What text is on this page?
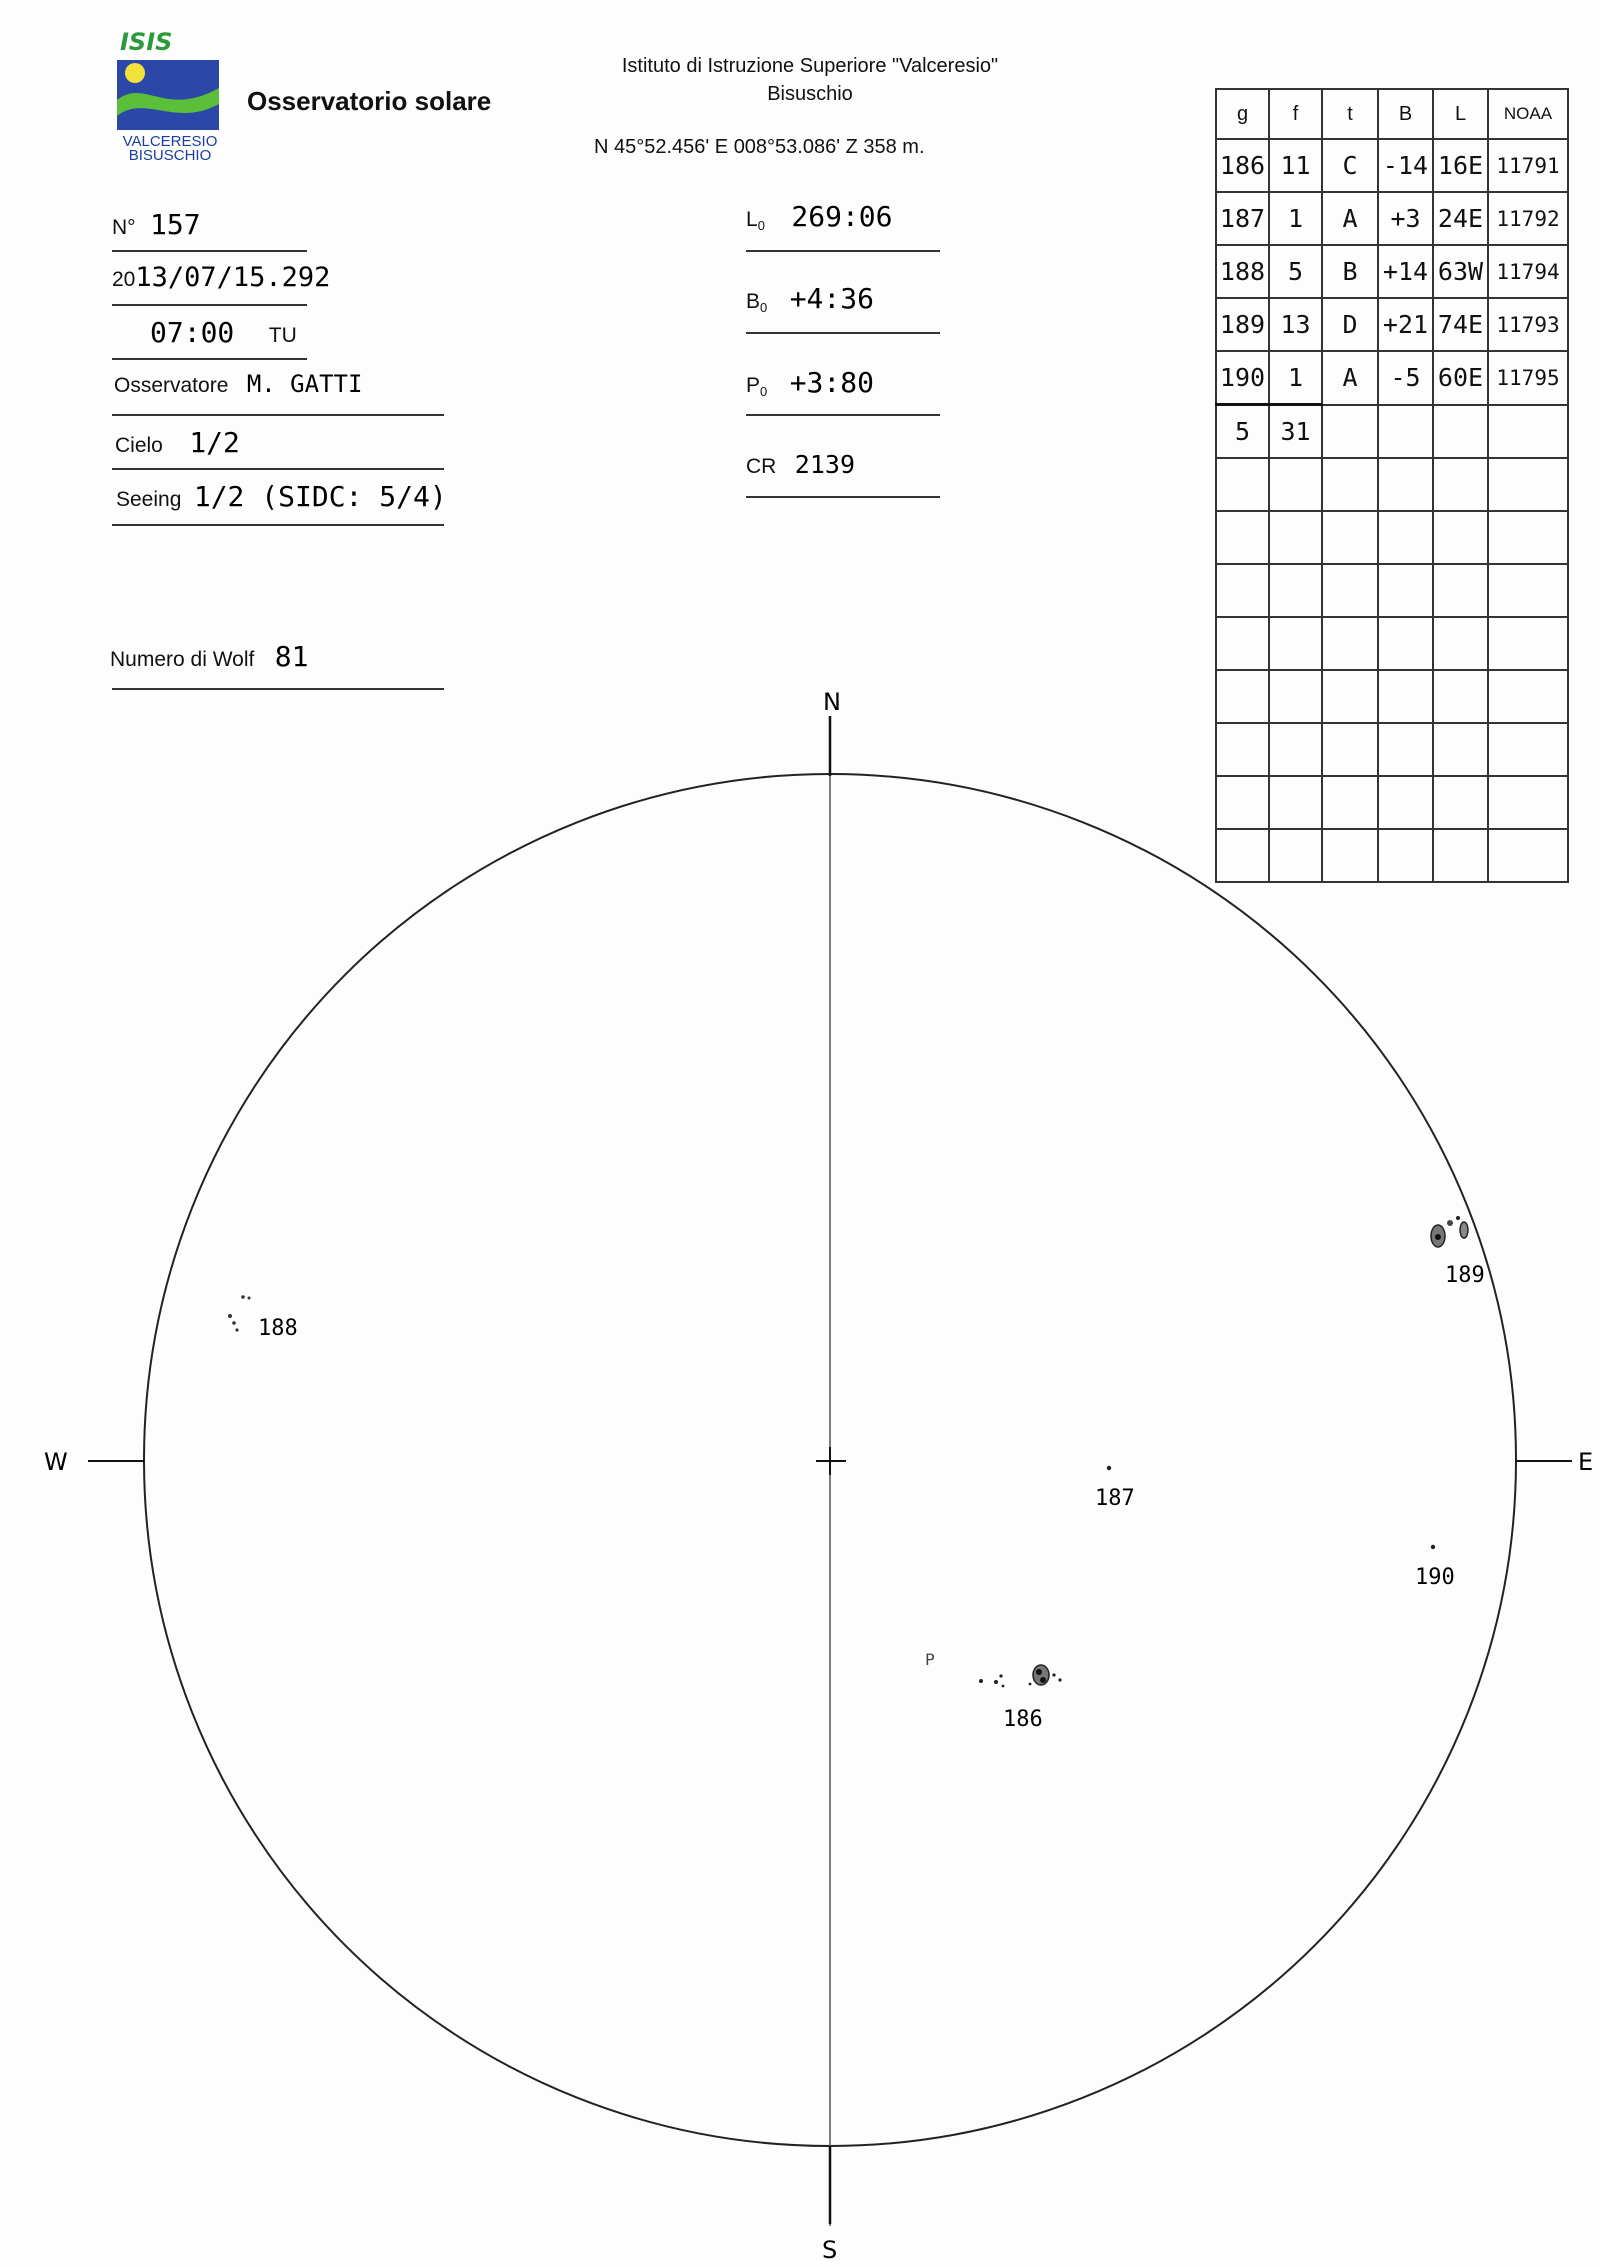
ISIS
VALCERESIO
BISUSCHIO
Osservatorio solare
Istituto di Istruzione Superiore "Valceresio"
Bisuschio
N 45°52.456' E 008°53.086' Z 358 m.
N° 157
2013/07/15.292
07:00 TU
Osservatore M. GATTI
Cielo 1/2
Seeing 1/2 (SIDC: 5/4)
Numero di Wolf 81
$L_0$ 269:06
$B_0$ +4:36
$P_0$ +3:80
CR 2139
g	f	t	B	L	NOAA
186	11	C	-14	16E	11791
187	1	A	+3	24E	11792
188	5	B	+14	63W	11794
189	13	D	+21	74E	11793
190	1	A	-5	60E	11795
5	31				

N
S
E
W
188
189
187
190
P
186
